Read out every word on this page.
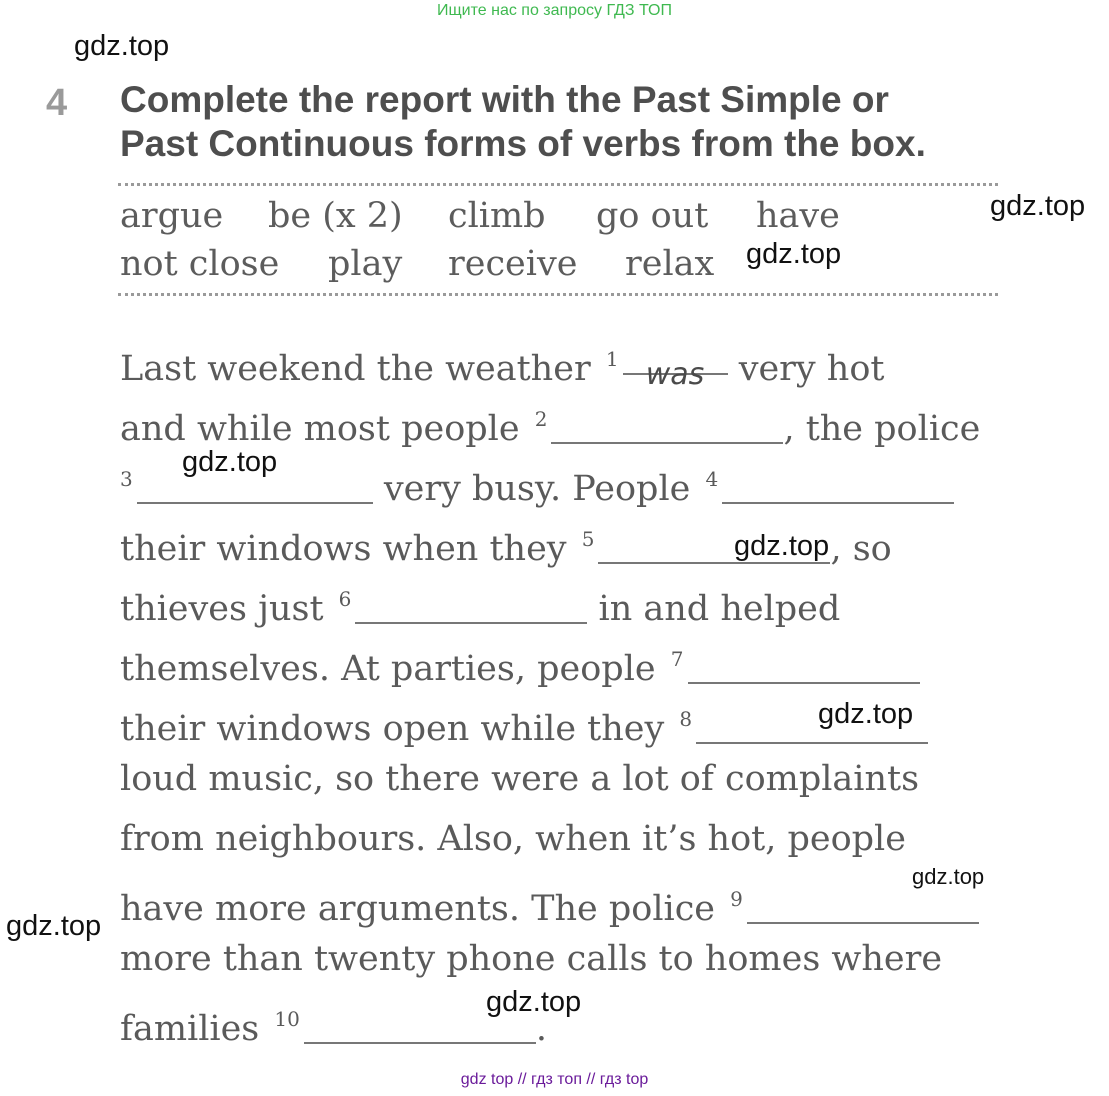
Ищите нас по запросу ГДЗ ТОП
4 Complete the report with the Past Simple or
Past Continuous forms of verbs from the box.
argue be (x 2) climb go out have
not close play receive relax
Last weekend the weather $^1$ was very hot
and while most people $^2$	, the police
$^3$	very busy. People $^4$
their windows when they $^5$	, so
thieves just $^6$	in and helped
themselves. At parties, people $^7$
their windows open while they $^8$
loud music, so there were a lot of complaints
from neighbours. Also, when it’s hot, people
have more arguments. The police $^9$
more than twenty phone calls to homes where
families $^{10}$	.
gdz.top
gdz.top
gdz.top
gdz.top
gdz.top
gdz.top
gdz.top
gdz.top
gdz.top
gdz top // гдз топ // гдз top
